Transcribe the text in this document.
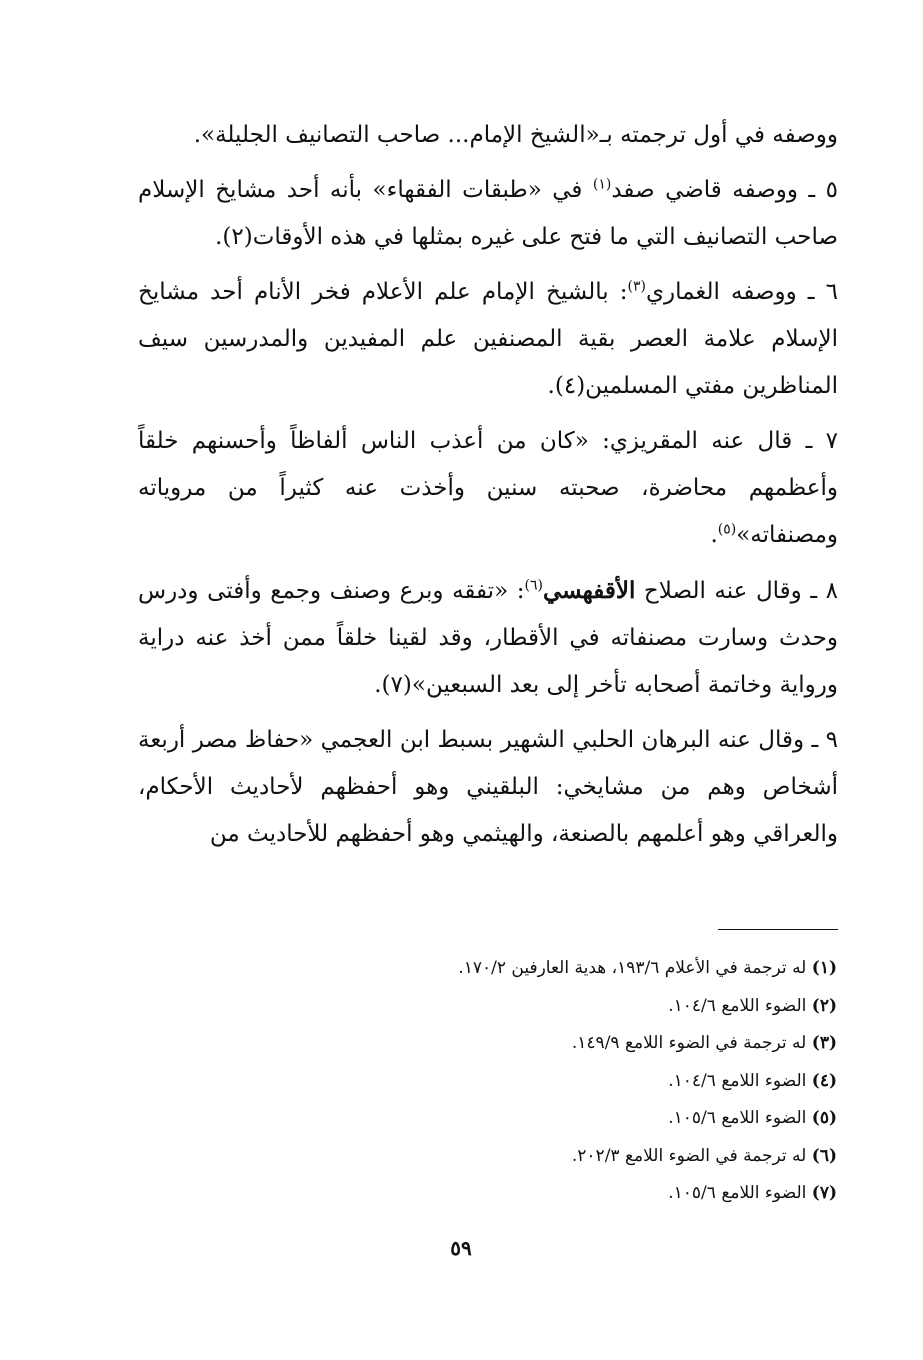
ووصفه في أول ترجمته بـ«الشيخ الإمام... صاحب التصانيف الجليلة».

٥ ـ ووصفه قاضي صفد$^{(١)}$ في «طبقات الفقهاء» بأنه أحد مشايخ الإسلام صاحب التصانيف التي ما فتح على غيره بمثلها في هذه الأوقات(٢).

٦ ـ ووصفه الغماري$^{(٣)}$: بالشيخ الإمام علم الأعلام فخر الأنام أحد مشايخ الإسلام علامة العصر بقية المصنفين علم المفيدين والمدرسين سيف المناظرين مفتي المسلمين(٤).

٧ ـ قال عنه المقريزي: «كان من أعذب الناس ألفاظاً وأحسنهم خلقاً وأعظمهم محاضرة، صحبته سنين وأخذت عنه كثيراً من مروياته ومصنفاته»$^{(٥)}$.

٨ ـ وقال عنه الصلاح الأقفهسي$^{(٦)}$: «تفقه وبرع وصنف وجمع وأفتى ودرس وحدث وسارت مصنفاته في الأقطار، وقد لقينا خلقاً ممن أخذ عنه دراية ورواية وخاتمة أصحابه تأخر إلى بعد السبعين»(٧).

٩ ـ وقال عنه البرهان الحلبي الشهير بسبط ابن العجمي «حفاظ مصر أربعة أشخاص وهم من مشايخي: البلقيني وهو أحفظهم لأحاديث الأحكام، والعراقي وهو أعلمهم بالصنعة، والهيثمي وهو أحفظهم للأحاديث من

(١) له ترجمة في الأعلام ١٩٣/٦، هدية العارفين ١٧٠/٢.

(٢) الضوء اللامع ١٠٤/٦.

(٣) له ترجمة في الضوء اللامع ١٤٩/٩.

(٤) الضوء اللامع ١٠٤/٦.

(٥) الضوء اللامع ١٠٥/٦.

(٦) له ترجمة في الضوء اللامع ٢٠٢/٣.

(٧) الضوء اللامع ١٠٥/٦.

٥٩
